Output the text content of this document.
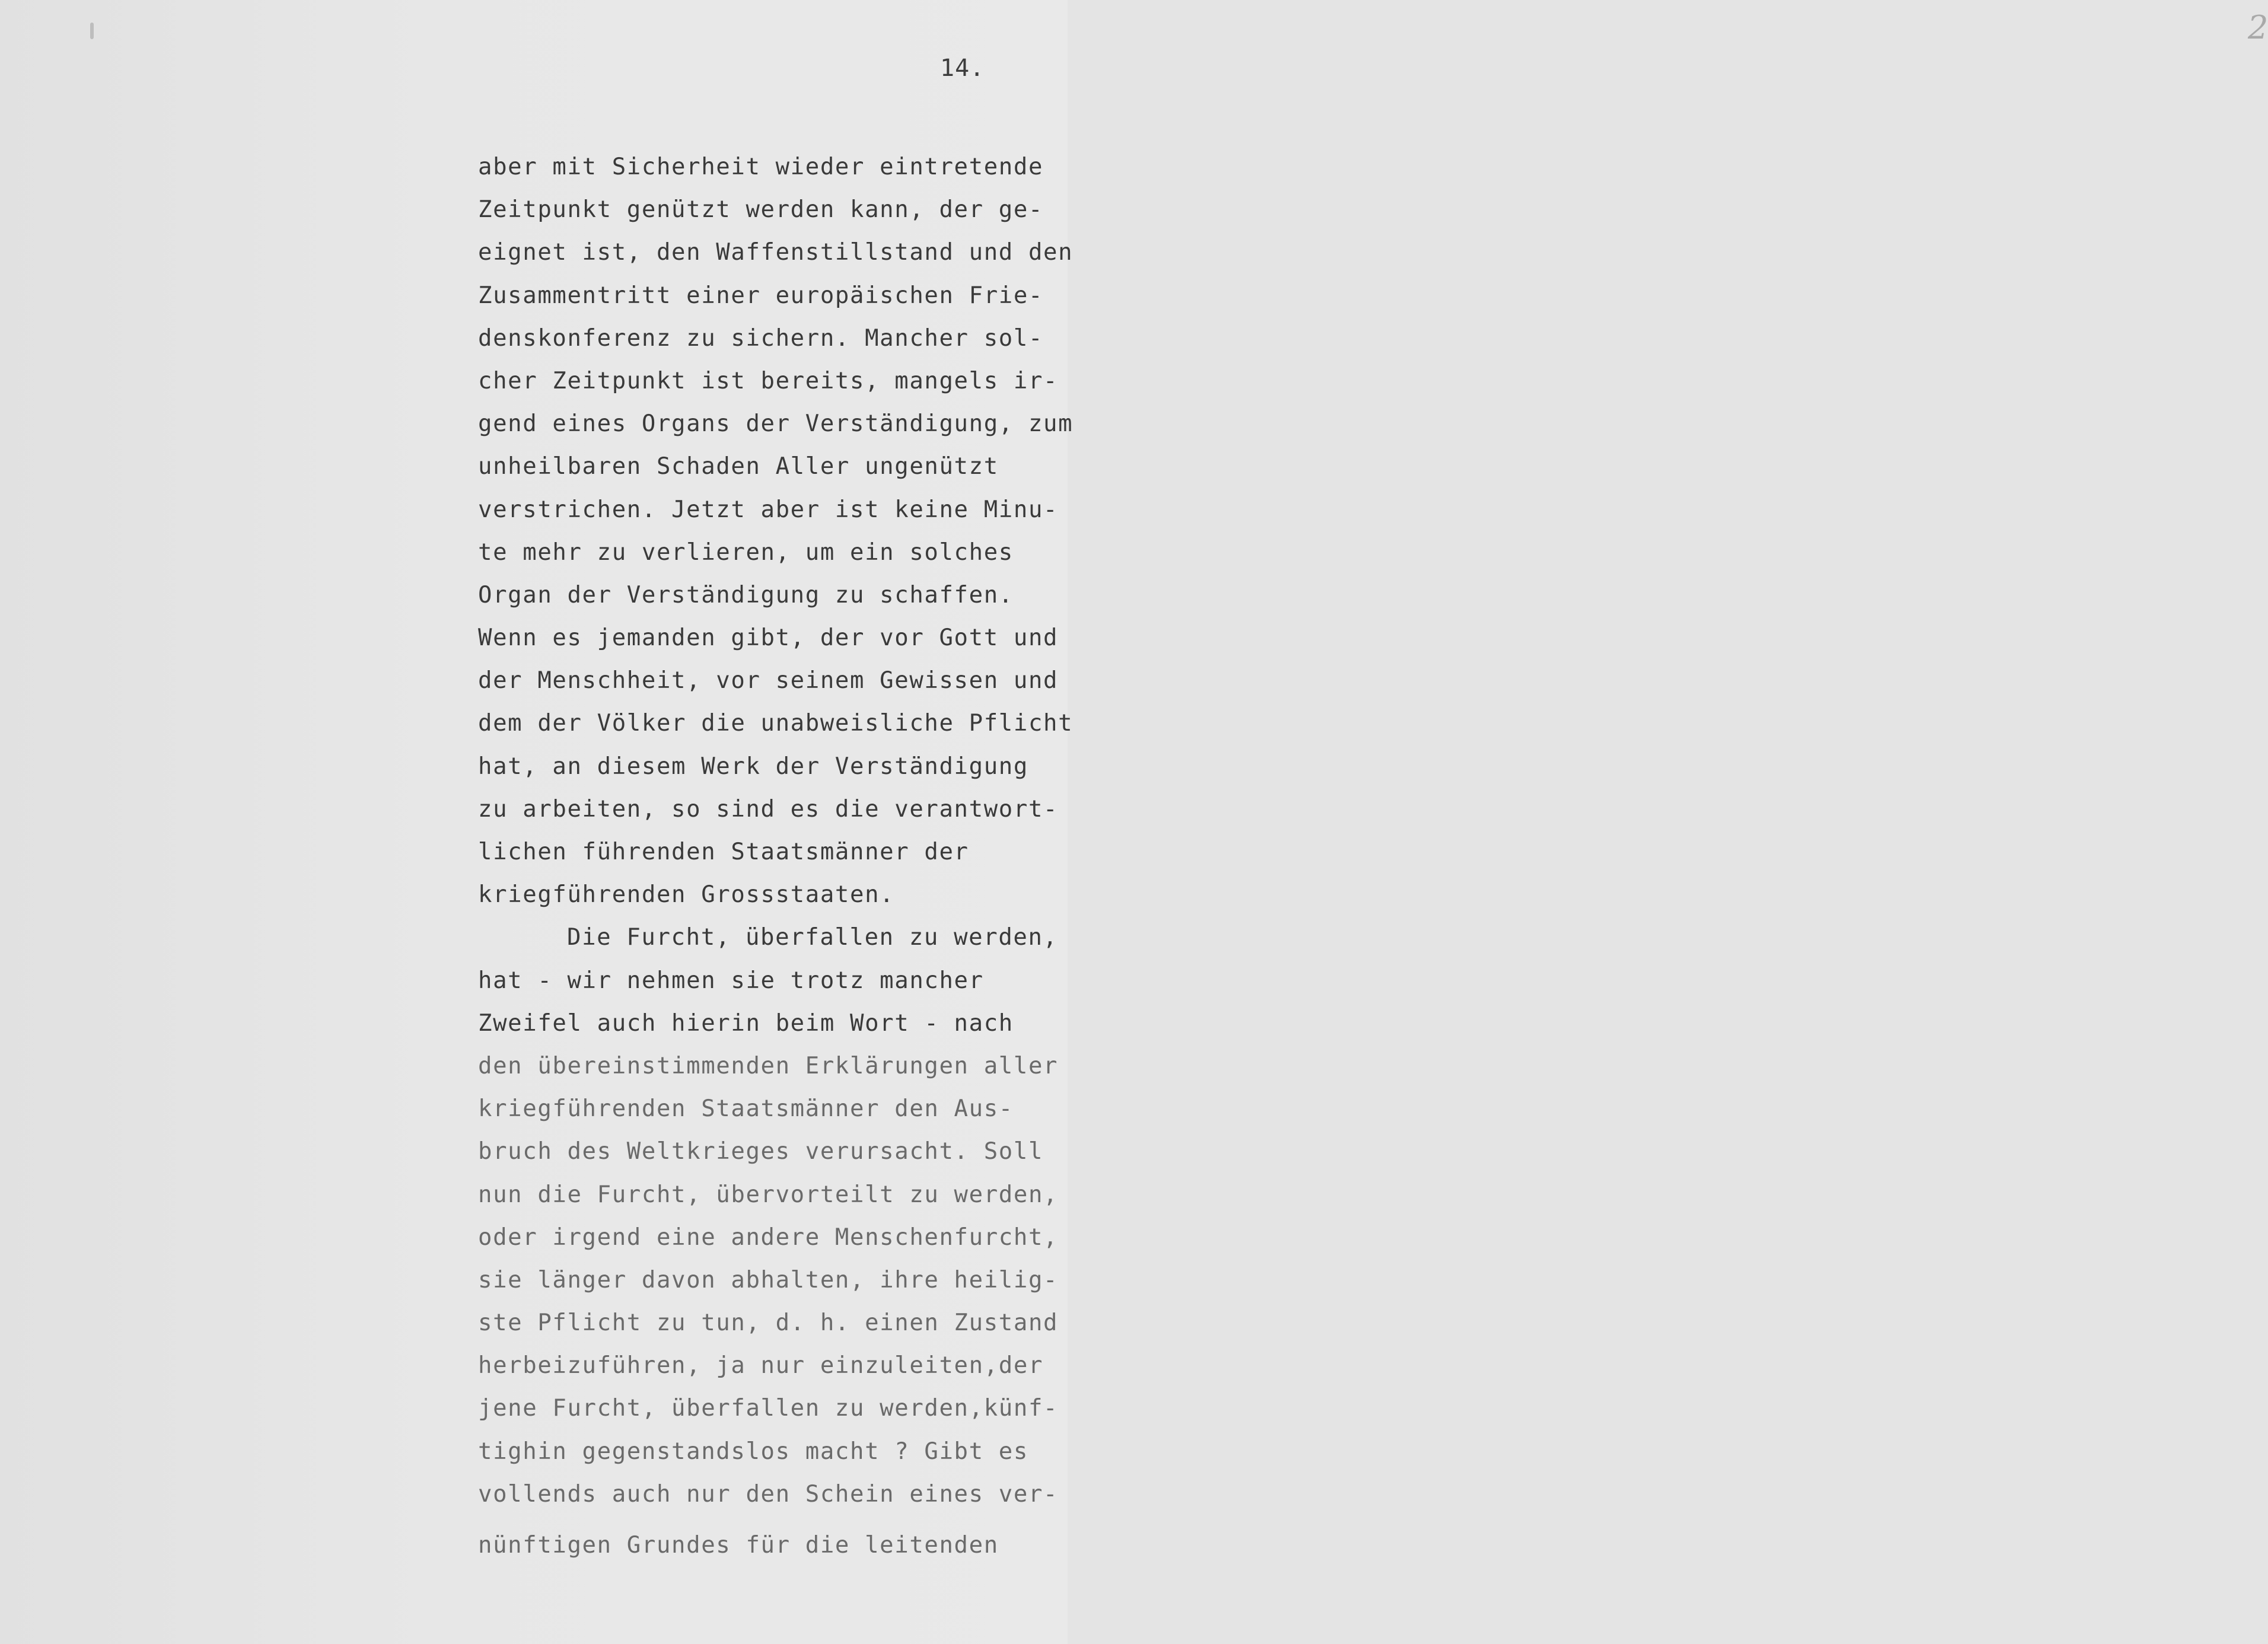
2
14.
aber mit Sicherheit wieder eintretende
Zeitpunkt genützt werden kann, der ge-
eignet ist, den Waffenstillstand und den
Zusammentritt einer europäischen Frie-
denskonferenz zu sichern. Mancher sol-
cher Zeitpunkt ist bereits, mangels ir-
gend eines Organs der Verständigung, zum
unheilbaren Schaden Aller ungenützt
verstrichen. Jetzt aber ist keine Minu-
te mehr zu verlieren, um ein solches
Organ der Verständigung zu schaffen.
Wenn es jemanden gibt, der vor Gott und
der Menschheit, vor seinem Gewissen und
dem der Völker die unabweisliche Pflicht
hat, an diesem Werk der Verständigung
zu arbeiten, so sind es die verantwort-
lichen führenden Staatsmänner der
kriegführenden Grossstaaten.
Die Furcht, überfallen zu werden,
hat - wir nehmen sie trotz mancher
Zweifel auch hierin beim Wort - nach
den übereinstimmenden Erklärungen aller
kriegführenden Staatsmänner den Aus-
bruch des Weltkrieges verursacht. Soll
nun die Furcht, übervorteilt zu werden,
oder irgend eine andere Menschenfurcht,
sie länger davon abhalten, ihre heilig-
ste Pflicht zu tun, d. h. einen Zustand
herbeizuführen, ja nur einzuleiten,der
jene Furcht, überfallen zu werden,künf-
tighin gegenstandslos macht ? Gibt es
vollends auch nur den Schein eines ver-
nünftigen Grundes für die leitenden
